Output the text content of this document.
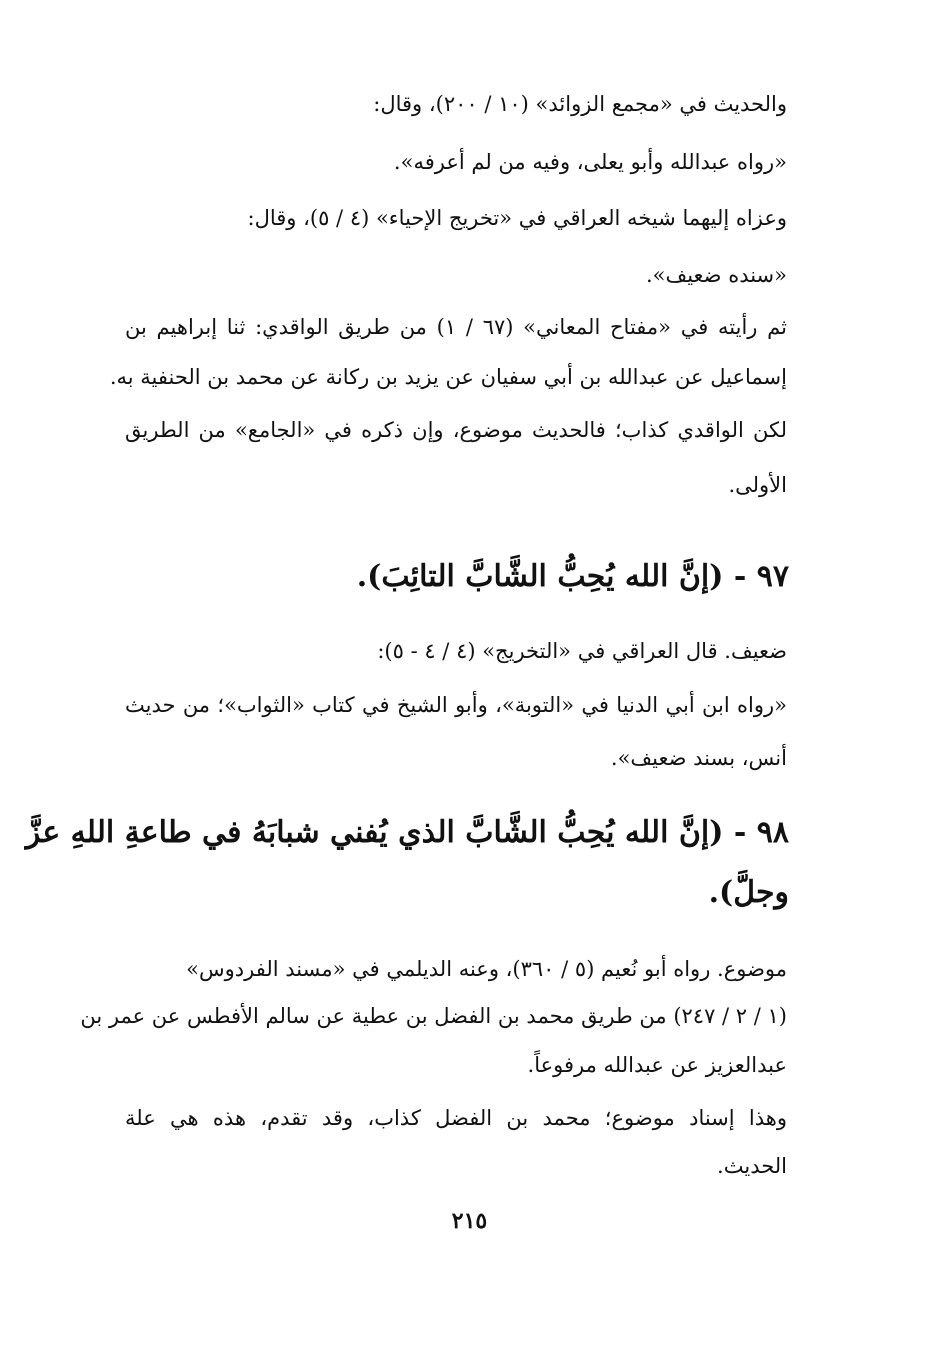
والحديث في «مجمع الزوائد» (١٠ / ٢٠٠)، وقال:
«رواه عبدالله وأبو يعلى، وفيه من لم أعرفه».
وعزاه إليهما شيخه العراقي في «تخريج الإحياء» (٤ / ٥)، وقال:
«سنده ضعيف».
ثم رأيته في «مفتاح المعاني» (٦٧ / ١) من طريق الواقدي: ثنا إبراهيم بن
إسماعيل عن عبدالله بن أبي سفيان عن يزيد بن ركانة عن محمد بن الحنفية به.
لكن الواقدي كذاب؛ فالحديث موضوع، وإن ذكره في «الجامع» من الطريق
الأولى.
٩٧ - (إنَّ الله يُحِبُّ الشَّابَّ التائِبَ).
ضعيف. قال العراقي في «التخريج» (٤ / ٤ - ٥):
«رواه ابن أبي الدنيا في «التوبة»، وأبو الشيخ في كتاب «الثواب»؛ من حديث
أنس، بسند ضعيف».
٩٨ - (إنَّ الله يُحِبُّ الشَّابَّ الذي يُفني شبابَهُ في طاعةِ اللهِ عزَّ
وجلَّ).
موضوع. رواه أبو نُعيم (٥ / ٣٦٠)، وعنه الديلمي في «مسند الفردوس»
(١ / ٢ / ٢٤٧) من طريق محمد بن الفضل بن عطية عن سالم الأفطس عن عمر بن
عبدالعزيز عن عبدالله مرفوعاً.
وهذا إسناد موضوع؛ محمد بن الفضل كذاب، وقد تقدم، هذه هي علة
الحديث.
٢١٥
